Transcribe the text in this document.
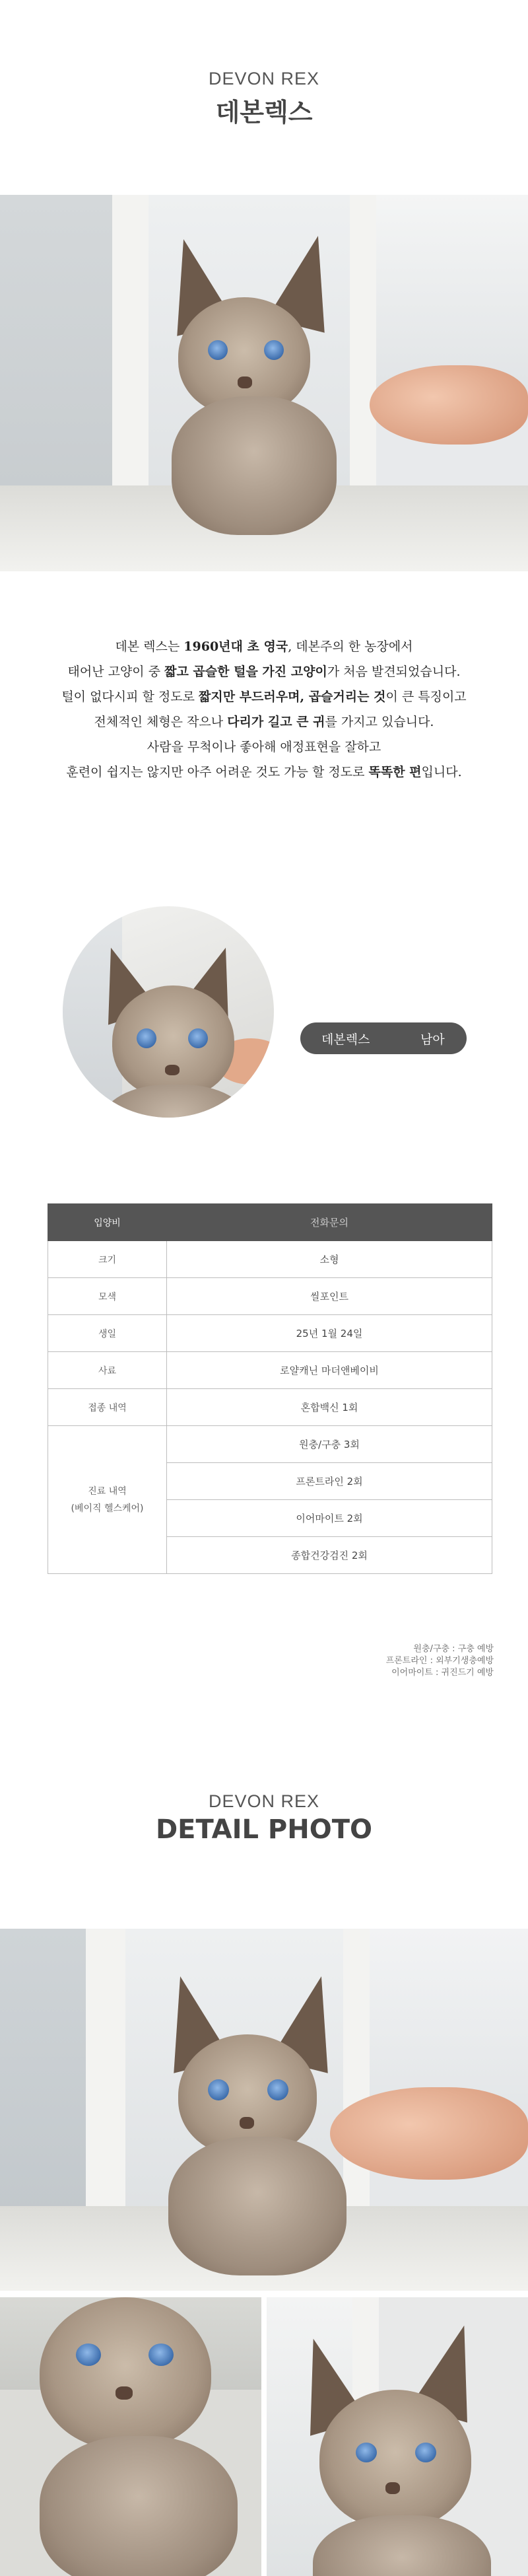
DEVON REX
데본렉스

데본 렉스는 1960년대 초 영국, 데본주의 한 농장에서

태어난 고양이 중 짧고 곱슬한 털을 가진 고양이가 처음 발견되었습니다.

털이 없다시피 할 정도로 짧지만 부드러우며, 곱슬거리는 것이 큰 특징이고

전체적인 체형은 작으나 다리가 길고 큰 귀를 가지고 있습니다.

사람을 무척이나 좋아해 애정표현을 잘하고

훈련이 쉽지는 않지만 아주 어려운 것도 가능 할 정도로 똑똑한 편입니다.

데본렉스	남아
입양비	전화문의
크기	소형
모색	씰포인트
생일	25년 1월 24일
사료	로얄캐닌 마더앤베이비
접종 내역	혼합백신 1회

진료 내역
(베이직 헬스케어)	원충/구충 3회
	프론트라인 2회
	이어마이트 2회
	종합건강검진 2회
원충/구충 : 구충 예방
프론트라인 : 외부기생충예방
이어마이트 : 귀진드기 예방
DEVON REX
DETAIL PHOTO
